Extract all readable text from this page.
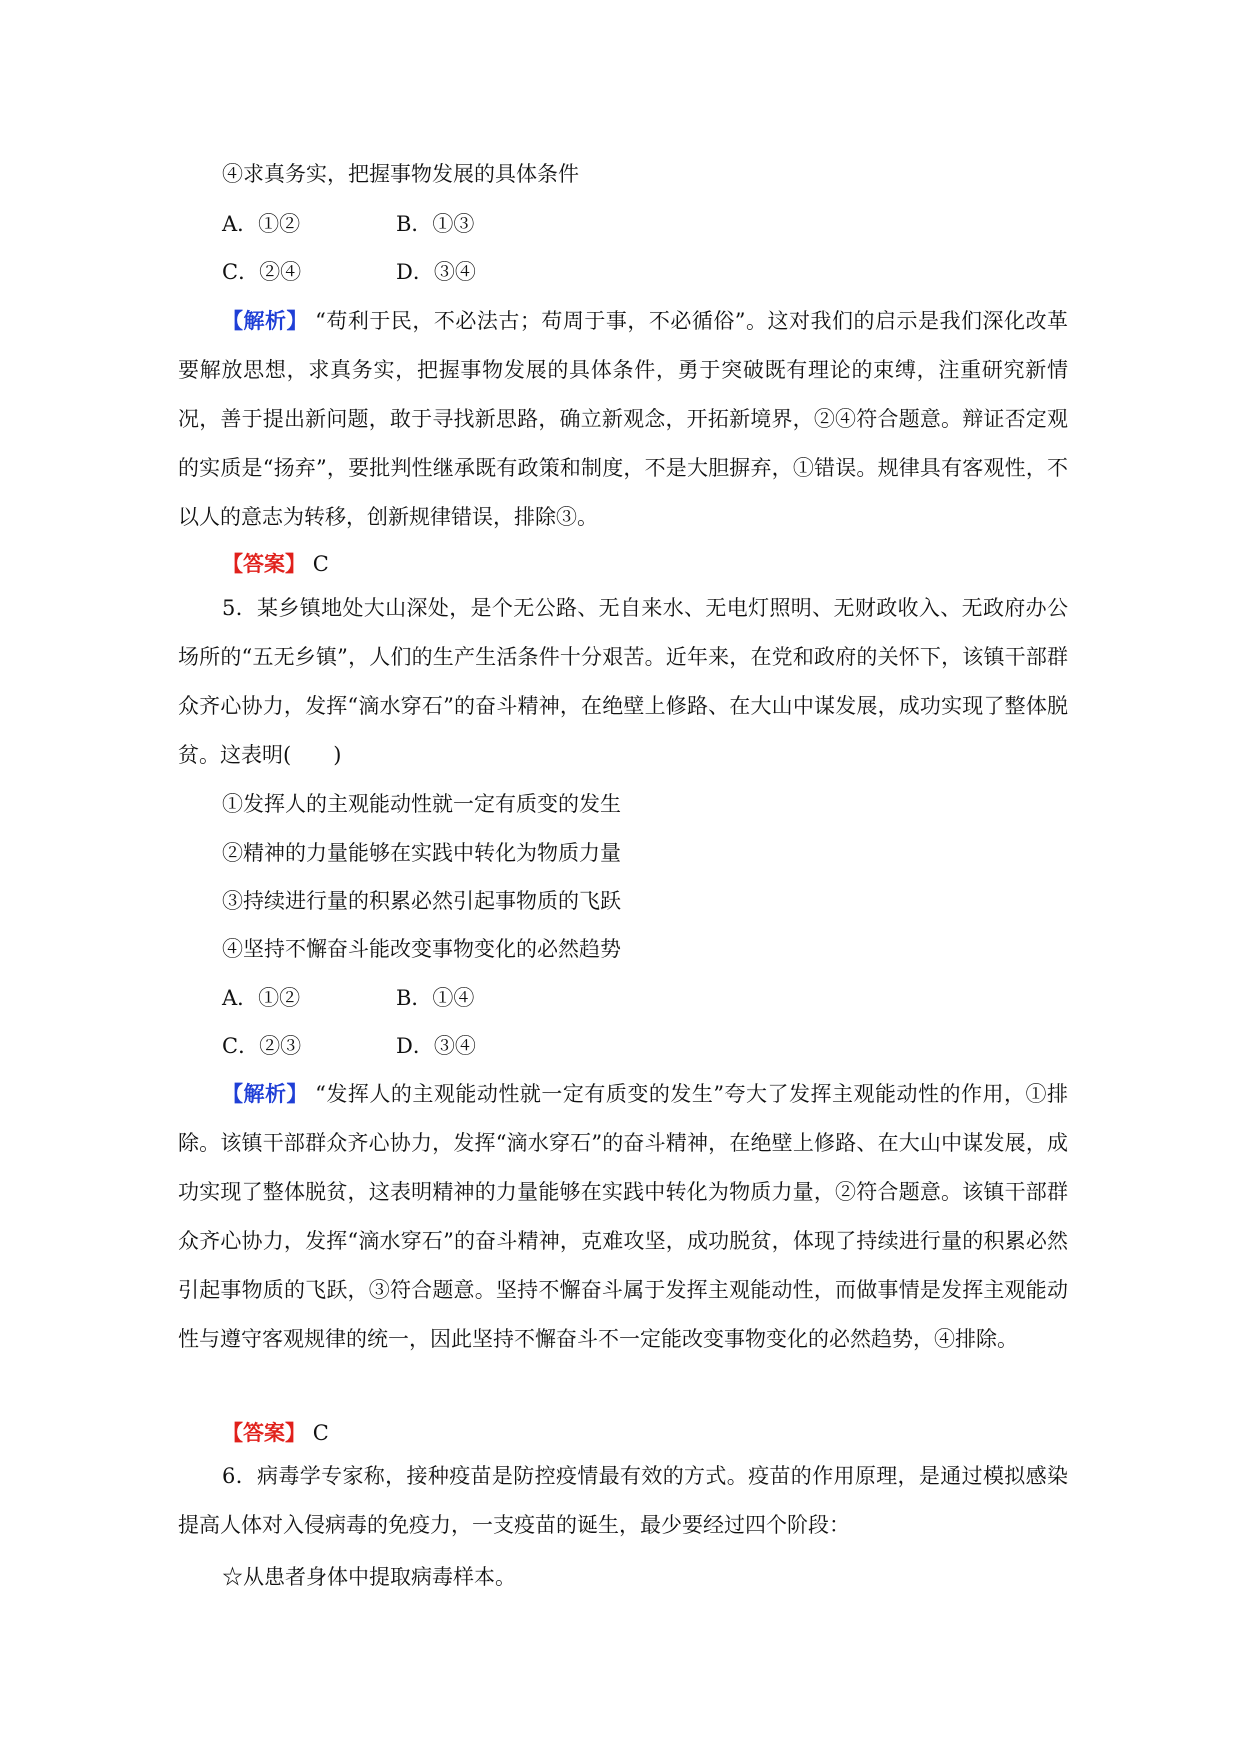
④求真务实，把握事物发展的具体条件
A．①②	B．①③
C．②④	D．③④

【解析】 “苟利于民，不必法古；苟周于事，不必循俗”。这对我们的启示是我们深化改革要解放思想，求真务实，把握事物发展的具体条件，勇于突破既有理论的束缚，注重研究新情况，善于提出新问题，敢于寻找新思路，确立新观念，开拓新境界，②④符合题意。辩证否定观的实质是“扬弃”，要批判性继承既有政策和制度，不是大胆摒弃，①错误。规律具有客观性，不以人的意志为转移，创新规律错误，排除③。

【答案】 C

5．某乡镇地处大山深处，是个无公路、无自来水、无电灯照明、无财政收入、无政府办公场所的“五无乡镇”，人们的生产生活条件十分艰苦。近年来，在党和政府的关怀下，该镇干部群众齐心协力，发挥“滴水穿石”的奋斗精神，在绝壁上修路、在大山中谋发展，成功实现了整体脱贫。这表明(　　)

①发挥人的主观能动性就一定有质变的发生
②精神的力量能够在实践中转化为物质力量
③持续进行量的积累必然引起事物质的飞跃
④坚持不懈奋斗能改变事物变化的必然趋势
A．①②	B．①④
C．②③	D．③④

【解析】 “发挥人的主观能动性就一定有质变的发生”夸大了发挥主观能动性的作用，①排除。该镇干部群众齐心协力，发挥“滴水穿石”的奋斗精神，在绝壁上修路、在大山中谋发展，成功实现了整体脱贫，这表明精神的力量能够在实践中转化为物质力量，②符合题意。该镇干部群众齐心协力，发挥“滴水穿石”的奋斗精神，克难攻坚，成功脱贫，体现了持续进行量的积累必然引起事物质的飞跃，③符合题意。坚持不懈奋斗属于发挥主观能动性，而做事情是发挥主观能动性与遵守客观规律的统一，因此坚持不懈奋斗不一定能改变事物变化的必然趋势，④排除。

【答案】 C

6．病毒学专家称，接种疫苗是防控疫情最有效的方式。疫苗的作用原理，是通过模拟感染提高人体对入侵病毒的免疫力，一支疫苗的诞生，最少要经过四个阶段：

☆从患者身体中提取病毒样本。
